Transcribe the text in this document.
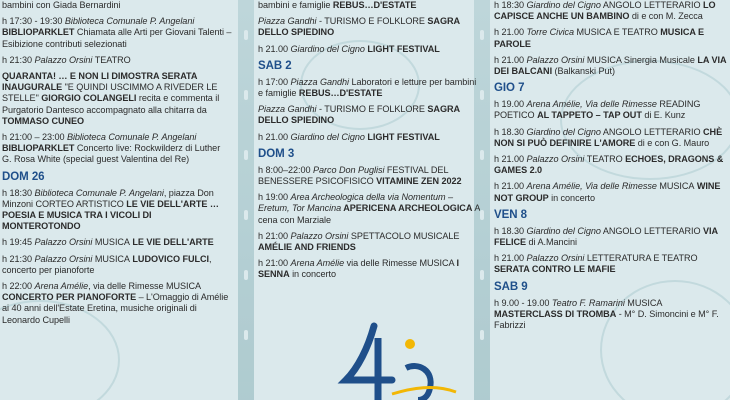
bambini con Giada Bernardini
h 17:30 - 19:30 Biblioteca Comunale P. Angelani BIBLIOPARKLET Chiamata alle Arti per Giovani Talenti – Esibizione contributi selezionati
h 21:30 Palazzo Orsini TEATRO
QUARANTA! … E NON LI DIMOSTRA SERATA INAUGURALE "E QUINDI USCIMMO A RIVEDER LE STELLE" GIORGIO COLANGELI recita e commenta il Purgatorio Dantesco accompagnato alla chitarra da TOMMASO CUNEO
h 21:00 – 23:00 Biblioteca Comunale P. Angelani BIBLIOPARKLET Concerto live: Rockwilderz di Luther G. Rosa White (special guest Valentina del Re)
DOM 26
h 18:30 Biblioteca Comunale P. Angelani, piazza Don Minzoni CORTEO ARTISTICO LE VIE DELL'ARTE …POESIA E MUSICA TRA I VICOLI DI MONTEROTONDO
h 19:45 Palazzo Orsini MUSICA LE VIE DELL'ARTE
h 21:30 Palazzo Orsini MUSICA LUDOVICO FULCI, concerto per pianoforte
h 22:00 Arena Amélie, via delle Rimesse MUSICA CONCERTO PER PIANOFORTE – L'Omaggio di Amélie ai 40 anni dell'Estate Eretina, musiche originali di Leonardo Cupelli
bambini e famiglie REBUS…D'ESTATE
Piazza Gandhi - TURISMO E FOLKLORE SAGRA DELLO SPIEDINO
h 21.00 Giardino del Cigno LIGHT FESTIVAL
SAB 2
h 17:00 Piazza Gandhi Laboratori e letture per bambini e famiglie REBUS…D'ESTATE
Piazza Gandhi - TURISMO E FOLKLORE SAGRA DELLO SPIEDINO
h 21.00 Giardino del Cigno LIGHT FESTIVAL
DOM 3
h 8:00–22:00 Parco Don Puglisi FESTIVAL DEL BENESSERE PSICOFISICO VITAMINE ZEN 2022
h 19:00 Area Archeologica della via Nomentum – Eretum, Tor Mancina APERICENA ARCHEOLOGICA A cena con Marziale
h 21:00 Palazzo Orsini SPETTACOLO MUSICALE AMÉLIE AND FRIENDS
h 21:00 Arena Amélie via delle Rimesse MUSICA I SENNA in concerto
h 18:30 Giardino del Cigno ANGOLO LETTERARIO LO CAPISCE ANCHE UN BAMBINO di e con M. Zecca
h 21.00 Torre Civica MUSICA E TEATRO MUSICA E PAROLE
h 21.00 Palazzo Orsini MUSICA Sinergia Musicale LA VIA DEI BALCANI (Balkanski Put)
GIO 7
h 19.00 Arena Amélie, Via delle Rimesse READING POETICO AL TAPPETO – TAP OUT di E. Kunz
h 18.30 Giardino del Cigno ANGOLO LETTERARIO CHÈ NON SI PUÒ DEFINIRE L'AMORE di e con G. Mauro
h 21.00 Palazzo Orsini TEATRO ECHOES, DRAGONS & GAMES 2.0
h 21.00 Arena Amélie, Via delle Rimesse MUSICA WINE NOT GROUP in concerto
VEN 8
h 18.30 Giardino del Cigno ANGOLO LETTERARIO VIA FELICE di A.Mancini
h 21.00 Palazzo Orsini LETTERATURA E TEATRO SERATA CONTRO LE MAFIE
SAB 9
h 9.00 - 19.00 Teatro F. Ramarini MUSICA MASTERCLASS DI TROMBA - M° D. Simoncini e M° F. Fabrizzi
